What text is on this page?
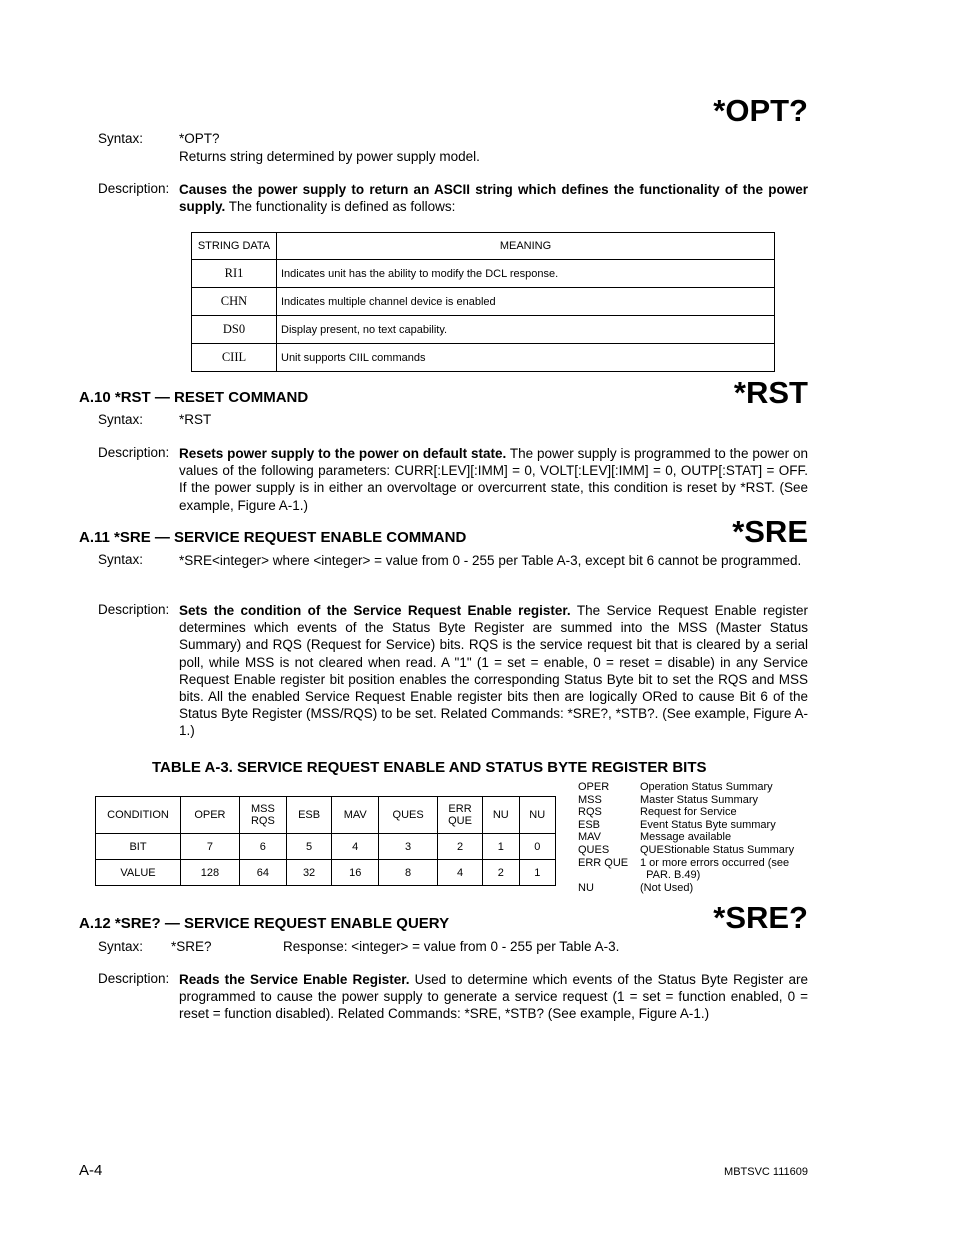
*OPT?
Syntax:	*OPT?
Returns string determined by power supply model.
Description: Causes the power supply to return an ASCII string which defines the functionality of the power supply. The functionality is defined as follows:
STRING DATA	MEANING
RI1	Indicates unit has the ability to modify the DCL response.
CHN	Indicates multiple channel device is enabled
DS0	Display present, no text capability.
CIIL	Unit supports CIIL commands
A.10 *RST — RESET COMMAND	*RST
Syntax:	*RST
Description: Resets power supply to the power on default state. The power supply is programmed to the power on values of the following parameters: CURR[:LEV][:IMM] = 0, VOLT[:LEV][:IMM] = 0, OUTP[:STAT] = OFF. If the power supply is in either an overvoltage or overcurrent state, this condition is reset by *RST. (See example, Figure A-1.)
A.11 *SRE — SERVICE REQUEST ENABLE COMMAND	*SRE
Syntax:	*SRE<integer> where <integer> = value from 0 - 255 per Table A-3, except bit 6 cannot be programmed.
Description: Sets the condition of the Service Request Enable register. The Service Request Enable register determines which events of the Status Byte Register are summed into the MSS (Master Status Summary) and RQS (Request for Service) bits. RQS is the service request bit that is cleared by a serial poll, while MSS is not cleared when read. A "1" (1 = set = enable, 0 = reset = disable) in any Service Request Enable register bit position enables the corresponding Status Byte bit to set the RQS and MSS bits. All the enabled Service Request Enable register bits then are logically ORed to cause Bit 6 of the Status Byte Register (MSS/RQS) to be set. Related Commands: *SRE?, *STB?. (See example, Figure A-1.)
TABLE A-3. SERVICE REQUEST ENABLE AND STATUS BYTE REGISTER BITS
CONDITION	OPER	MSS RQS	ESB	MAV	QUES	ERR QUE	NU	NU
BIT	7	6	5	4	3	2	1	0
VALUE	128	64	32	16	8	4	2	1
OPER	Operation Status Summary
MSS	Master Status Summary
RQS	Request for Service
ESB	Event Status Byte summary
MAV	Message available
QUES	QUEStionable Status Summary
ERR QUE	1 or more errors occurred (see
PAR. B.49)
NU	(Not Used)
A.12 *SRE? — SERVICE REQUEST ENABLE QUERY	*SRE?
Syntax: *SRE?	Response: <integer> = value from 0 - 255 per Table A-3.
Description: Reads the Service Enable Register. Used to determine which events of the Status Byte Register are programmed to cause the power supply to generate a service request (1 = set = function enabled, 0 = reset = function disabled). Related Commands: *SRE, *STB? (See example, Figure A-1.)
A-4	MBTSVC 111609
